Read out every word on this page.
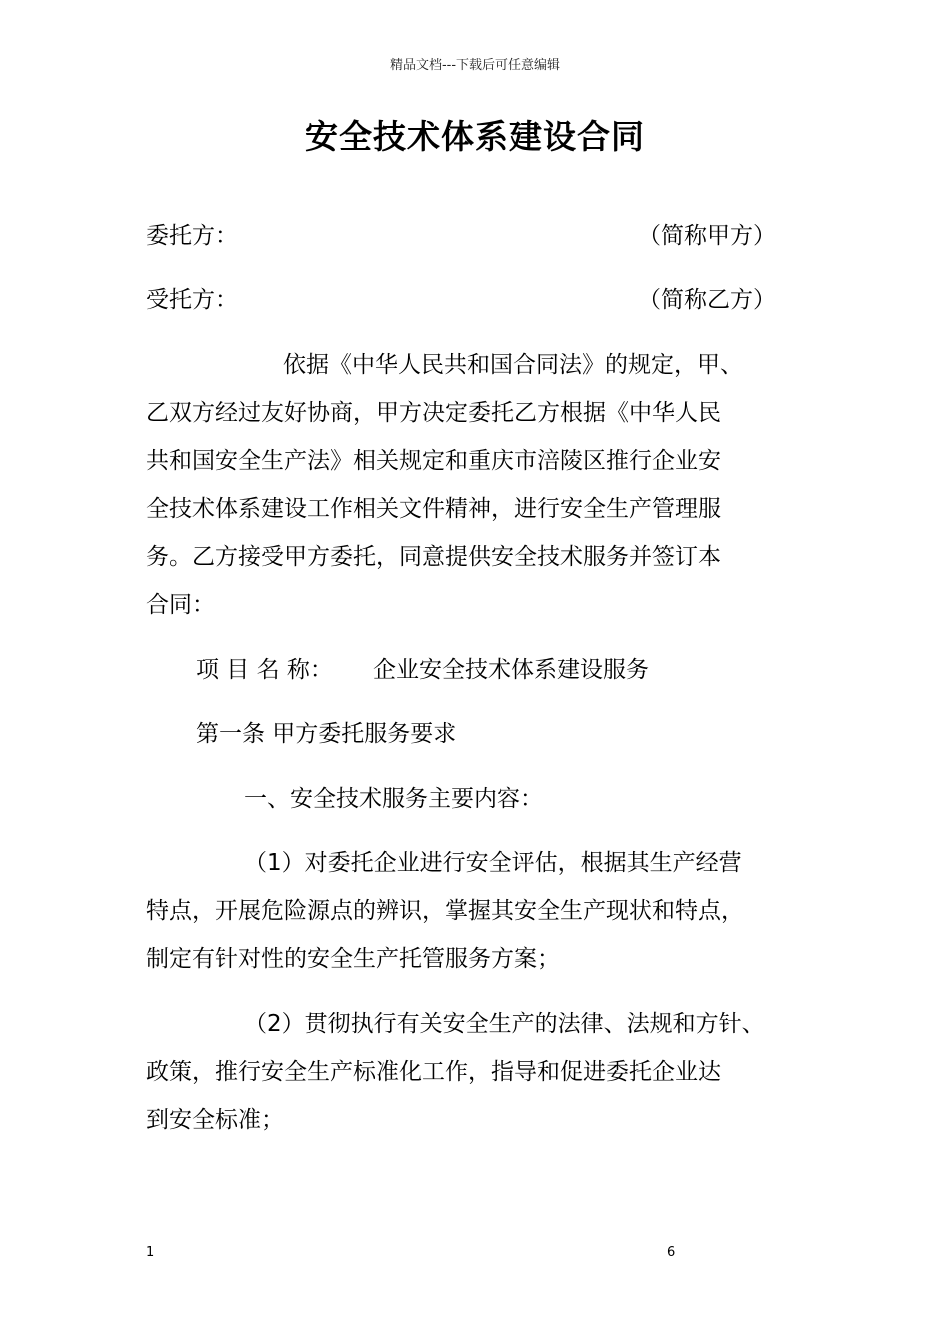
精品文档---下载后可任意编辑
安全技术体系建设合同
委托方：	（简称甲方）
受托方：	（简称乙方）
依据《中华人民共和国合同法》的规定，甲、
乙双方经过友好协商，甲方决定委托乙方根据《中华人民
共和国安全生产法》相关规定和重庆市涪陵区推行企业安
全技术体系建设工作相关文件精神，进行安全生产管理服
务。乙方接受甲方委托，同意提供安全技术服务并签订本
合同：
项 目 名 称： 企业安全技术体系建设服务
第一条 甲方委托服务要求
一、安全技术服务主要内容：
（1）对委托企业进行安全评估，根据其生产经营
特点，开展危险源点的辨识，掌握其安全生产现状和特点，
制定有针对性的安全生产托管服务方案；
（2）贯彻执行有关安全生产的法律、法规和方针、
政策，推行安全生产标准化工作，指导和促进委托企业达
到安全标准；
1	6
